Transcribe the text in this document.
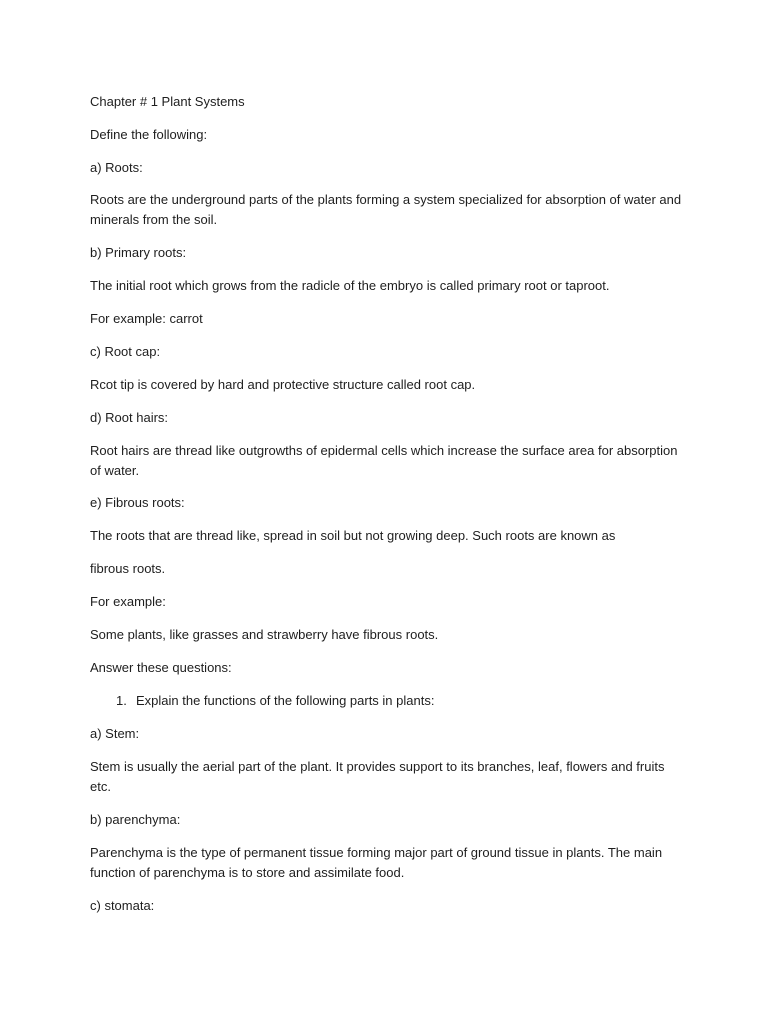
Chapter # 1 Plant Systems

Define the following:

a) Roots:

Roots are the underground parts of the plants forming a system specialized for absorption of water and

minerals from the soil.

b) Primary roots:

The initial root which grows from the radicle of the embryo is called primary root or taproot.

For example: carrot

c) Root cap:

Rcot tip is covered by hard and protective structure called root cap.

d) Root hairs:

Root hairs are thread like outgrowths of epidermal cells which increase the surface area for absorption

of water.

e) Fibrous roots:

The roots that are thread like, spread in soil but not growing deep. Such roots are known as

fibrous roots.

For example:

Some plants, like grasses and strawberry have fibrous roots.

Answer these questions:

1. Explain the functions of the following parts in plants:

a) Stem:

Stem is usually the aerial part of the plant. It provides support to its branches, leaf, flowers and fruits

etc.

b) parenchyma:

Parenchyma is the type of permanent tissue forming major part of ground tissue in plants. The main

function of parenchyma is to store and assimilate food.

c) stomata:
